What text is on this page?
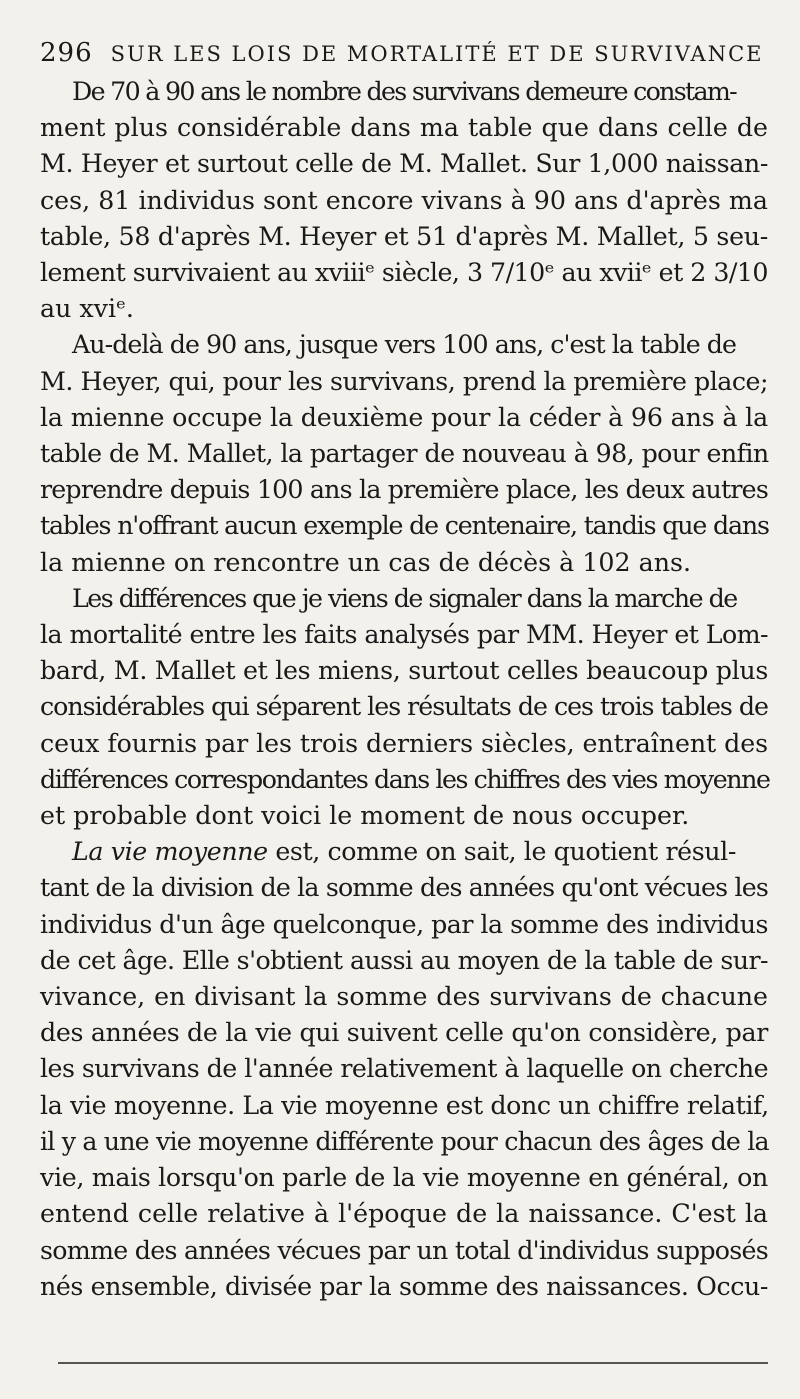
296 SUR LES LOIS DE MORTALITÉ ET DE SURVIVANCE

De 70 à 90 ans le nombre des survivans demeure constam-
ment plus considérable dans ma table que dans celle de
M. Heyer et surtout celle de M. Mallet. Sur 1,000 naissan-
ces, 81 individus sont encore vivans à 90 ans d'après ma
table, 58 d'après M. Heyer et 51 d'après M. Mallet, 5 seu-
lement survivaient au xviiiᵉ siècle, 3 7/10ᵉ au xviiᵉ et 2 3/10
au xviᵉ.

Au-delà de 90 ans, jusque vers 100 ans, c'est la table de
M. Heyer, qui, pour les survivans, prend la première place;
la mienne occupe la deuxième pour la céder à 96 ans à la
table de M. Mallet, la partager de nouveau à 98, pour enfin
reprendre depuis 100 ans la première place, les deux autres
tables n'offrant aucun exemple de centenaire, tandis que dans
la mienne on rencontre un cas de décès à 102 ans.

Les différences que je viens de signaler dans la marche de
la mortalité entre les faits analysés par MM. Heyer et Lom-
bard, M. Mallet et les miens, surtout celles beaucoup plus
considérables qui séparent les résultats de ces trois tables de
ceux fournis par les trois derniers siècles, entraînent des
différences correspondantes dans les chiffres des vies moyenne
et probable dont voici le moment de nous occuper.

La vie moyenne est, comme on sait, le quotient résul-
tant de la division de la somme des années qu'ont vécues les
individus d'un âge quelconque, par la somme des individus
de cet âge. Elle s'obtient aussi au moyen de la table de sur-
vivance, en divisant la somme des survivans de chacune
des années de la vie qui suivent celle qu'on considère, par
les survivans de l'année relativement à laquelle on cherche
la vie moyenne. La vie moyenne est donc un chiffre relatif,
il y a une vie moyenne différente pour chacun des âges de la
vie, mais lorsqu'on parle de la vie moyenne en général, on
entend celle relative à l'époque de la naissance. C'est la
somme des années vécues par un total d'individus supposés
nés ensemble, divisée par la somme des naissances. Occu-
